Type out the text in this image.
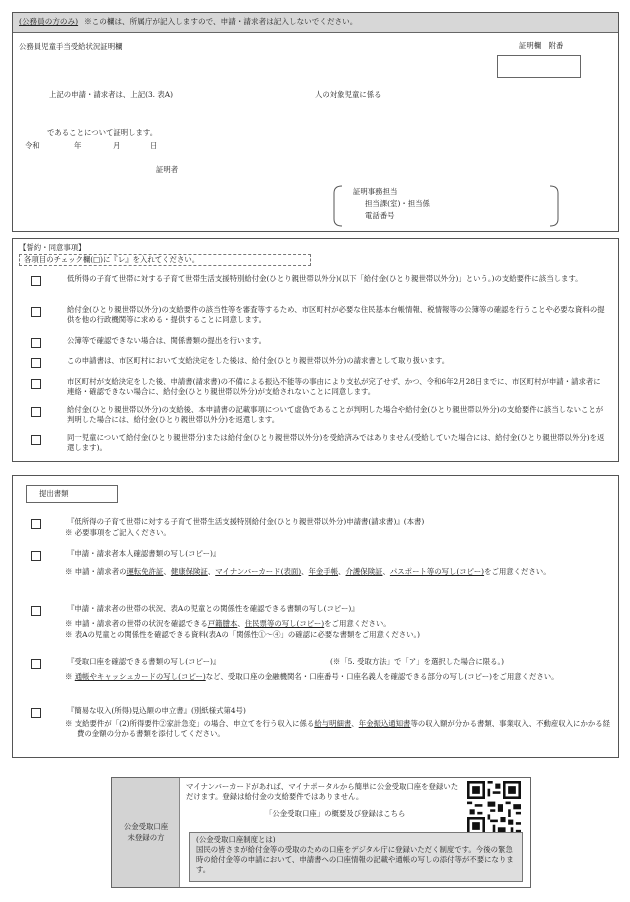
(公務員の方のみ) ※この欄は、所属庁が記入しますので、申請・請求者は記入しないでください。
公務員児童手当受給状況証明欄	証明欄　附番
上記の申請・請求者は、上記(3. 表A)	人の対象児童に係る
であることについて証明します。
令和	年	月	日
証明者
証明事務担当
担当課(室)・担当係
電話番号
【誓約・同意事項】
各項目のチェック欄(□)に『レ』を入れてください。
低所得の子育て世帯に対する子育て世帯生活支援特別給付金(ひとり親世帯以外分)(以下「給付金(ひとり親世帯以外分)」という。)の支給要件に該当します。
給付金(ひとり親世帯以外分)の支給要件の該当性等を審査等するため、市区町村が必要な住民基本台帳情報、税情報等の公簿等の確認を行うことや必要な資料の提供を他の行政機関等に求める・提供することに同意します。
公簿等で確認できない場合は、関係書類の提出を行います。
この申請書は、市区町村において支給決定をした後は、給付金(ひとり親世帯以外分)の請求書として取り扱います。
市区町村が支給決定をした後、申請書(請求書)の不備による振込不能等の事由により支払が完了せず、かつ、令和6年2月28日までに、市区町村が申請・請求者に連絡・確認できない場合に、給付金(ひとり親世帯以外分)が支給されないことに同意します。
給付金(ひとり親世帯以外分)の支給後、本申請書の記載事項について虚偽であることが判明した場合や給付金(ひとり親世帯以外分)の支給要件に該当しないことが判明した場合には、給付金(ひとり親世帯以外分)を返還します。
同一児童について給付金(ひとり親世帯分)または給付金(ひとり親世帯以外分)を受給済みではありません(受給していた場合には、給付金(ひとり親世帯以外分)を返還します)。
提出書類
『低所得の子育て世帯に対する子育て世帯生活支援特別給付金(ひとり親世帯以外分)申請書(請求書)』(本書)
※ 必要事項をご記入ください。
『申請・請求者本人確認書類の写し(コピー)』
※ 申請・請求者の運転免許証、健康保険証、マイナンバーカード(表面)、年金手帳、介護保険証、パスポート等の写し(コピー)をご用意ください。
『申請・請求者の世帯の状況、表Aの児童との関係性を確認できる書類の写し(コピー)』
※ 申請・請求者の世帯の状況を確認できる戸籍謄本、住民票等の写し(コピー)をご用意ください。
※ 表Aの児童との関係性を確認できる資料(表Aの「関係性①～④」の確認に必要な書類をご用意ください。)
『受取口座を確認できる書類の写し(コピー)』	(※「5. 受取方法」で「ア」を選択した場合に限る。)
※ 通帳やキャッシュカードの写し(コピー)など、受取口座の金融機関名・口座番号・口座名義人を確認できる部分の写し(コピー)をご用意ください。
『簡易な収入(所得)見込額の申立書』(別紙様式第4号)
※ 支給要件が「(2)所得要件②家計急変」の場合、申立てを行う収入に係る給与明細書、年金振込通知書等の収入額が分かる書類、事業収入、不動産収入にかかる経費の金額の分かる書類を添付してください。
公金受取口座
未登録の方
マイナンバーカードがあれば、マイナポータルから簡単に公金受取口座を登録いただけます。登録は給付金の支給要件ではありません。
「公金受取口座」の概要及び登録はこちら
(公金受取口座制度とは)
国民の皆さまが給付金等の受取のための口座をデジタル庁に登録いただく制度です。今後の緊急時の給付金等の申請において、申請書への口座情報の記載や通帳の写しの添付等が不要になります。
